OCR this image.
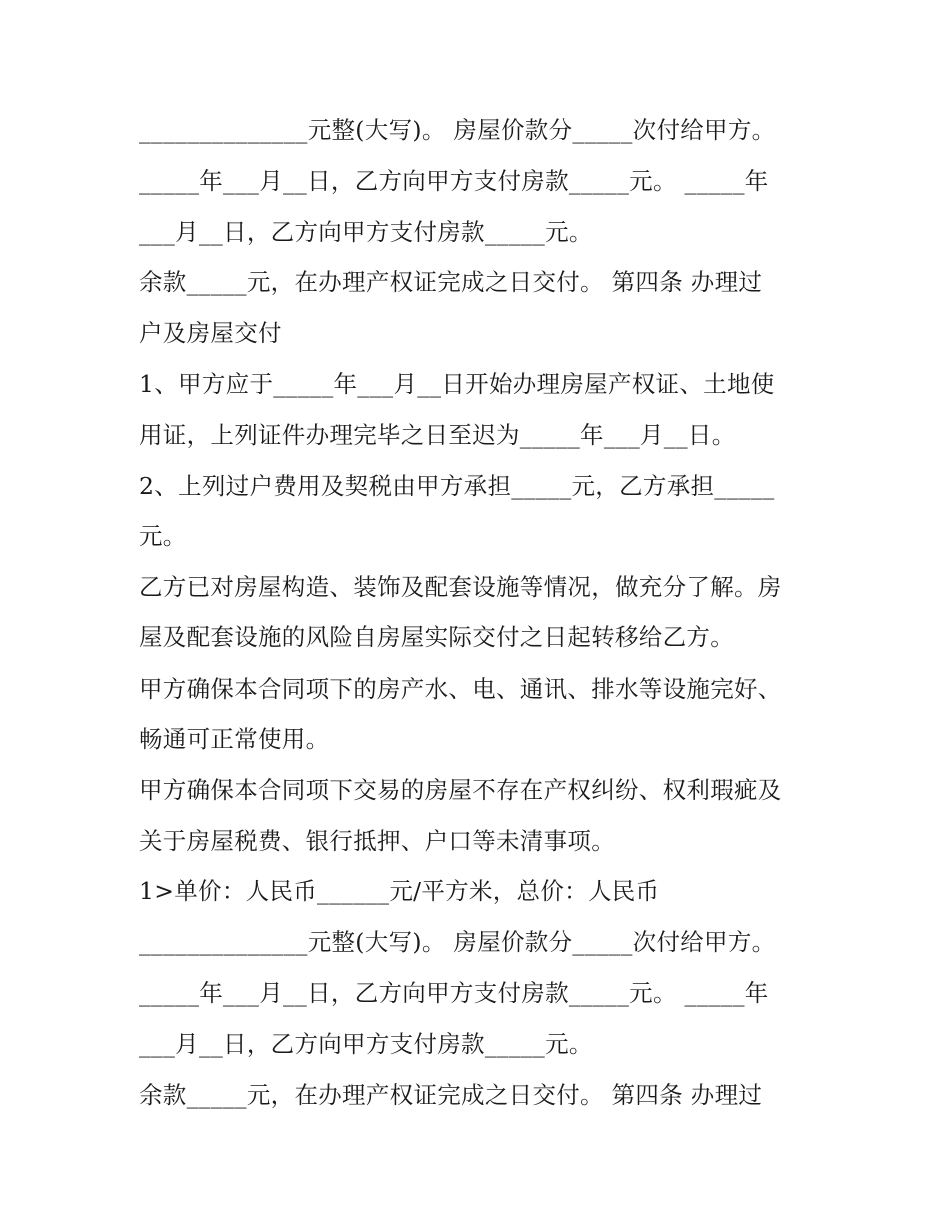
______________元整(大写)。 房屋价款分_____次付给甲方。
_____年___月__日，乙方向甲方支付房款_____元。 _____年
___月__日，乙方向甲方支付房款_____元。
余款_____元，在办理产权证完成之日交付。 第四条 办理过
户及房屋交付
1、甲方应于_____年___月__日开始办理房屋产权证、土地使
用证，上列证件办理完毕之日至迟为_____年___月__日。
2、上列过户费用及契税由甲方承担_____元，乙方承担_____
元。
乙方已对房屋构造、装饰及配套设施等情况，做充分了解。房
屋及配套设施的风险自房屋实际交付之日起转移给乙方。
甲方确保本合同项下的房产水、电、通讯、排水等设施完好、
畅通可正常使用。
甲方确保本合同项下交易的房屋不存在产权纠纷、权利瑕疵及
关于房屋税费、银行抵押、户口等未清事项。
1>单价：人民币______元/平方米，总价：人民币
______________元整(大写)。 房屋价款分_____次付给甲方。
_____年___月__日，乙方向甲方支付房款_____元。 _____年
___月__日，乙方向甲方支付房款_____元。
余款_____元，在办理产权证完成之日交付。 第四条 办理过
